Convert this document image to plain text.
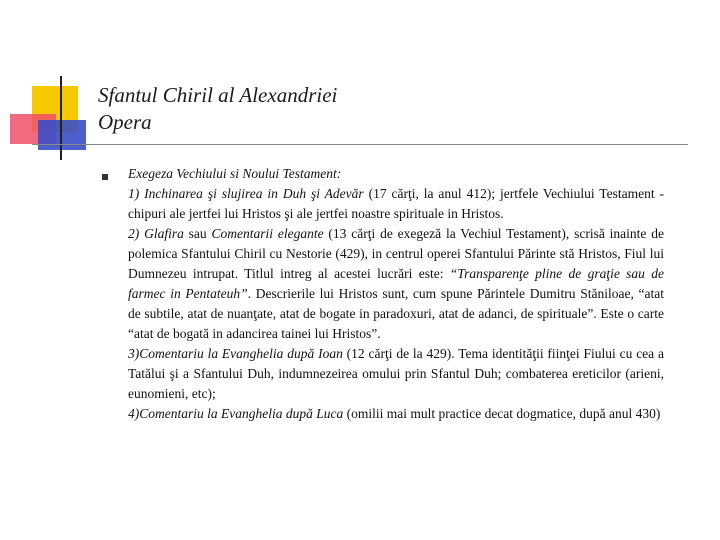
Sfantul Chiril al Alexandriei
Opera

Exegeza Vechiului si Noului Testament:

1) Inchinarea şi slujirea in Duh şi Adevăr (17 cărţi, la anul 412); jertfele Vechiului Testament - chipuri ale jertfei lui Hristos şi ale jertfei noastre spirituale in Hristos.

2) Glafira sau Comentarii elegante (13 cărţi de exegeză la Vechiul Testament), scrisă inainte de polemica Sfantului Chiril cu Nestorie (429), in centrul operei Sfantului Părinte stă Hristos, Fiul lui Dumnezeu intrupat. Titlul intreg al acestei lucrări este: “Transparenţe pline de graţie sau de farmec in Pentateuh”. Descrierile lui Hristos sunt, cum spune Părintele Dumitru Stăniloae, “atat de subtile, atat de nuanţate, atat de bogate in paradoxuri, atat de adanci, de spirituale”. Este o carte “atat de bogată in adancirea tainei lui Hristos”.

3)Comentariu la Evanghelia după Ioan (12 cărţi de la 429). Tema identităţii fiinţei Fiului cu cea a Tatălui şi a Sfantului Duh, indumnezeirea omului prin Sfantul Duh; combaterea ereticilor (arieni, eunomieni, etc);

4)Comentariu la Evanghelia după Luca (omilii mai mult practice decat dogmatice, după anul 430)
